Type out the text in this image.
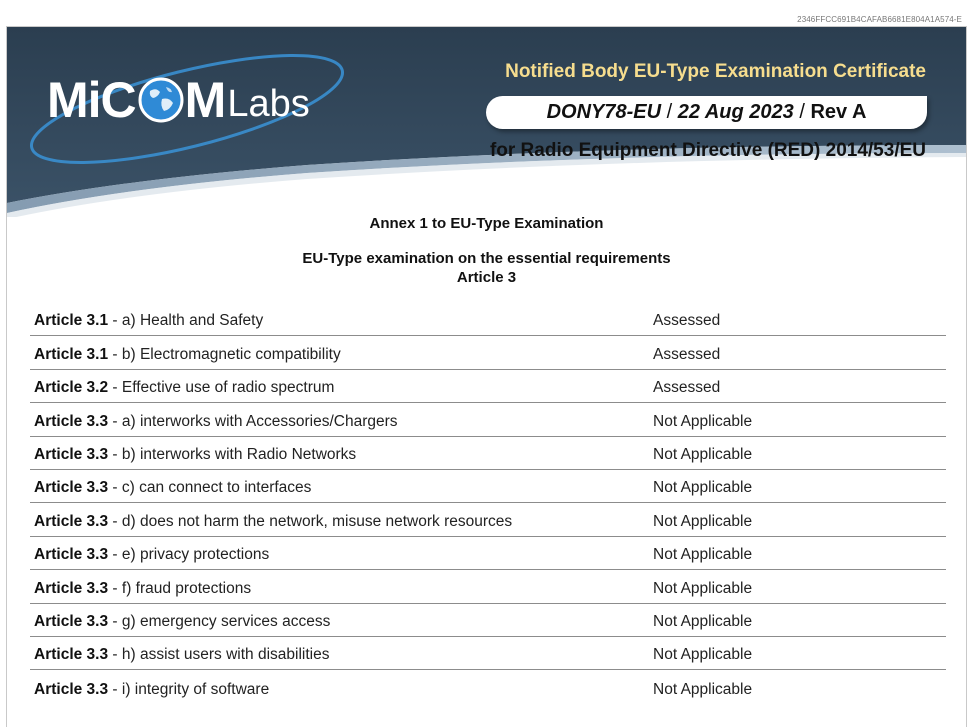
2346FFCC691B4CAFAB6681E804A1A574-E
Mi C M Labs
Notified Body EU-Type Examination Certificate
DONY78-EU
/
22 Aug 2023
/
Rev A
for Radio Equipment Directive (RED) 2014/53/EU
Annex 1 to EU-Type Examination
EU-Type examination on the essential requirements
Article 3
Article 3.1 - a) Health and Safety	Assessed
Article 3.1 - b) Electromagnetic compatibility	Assessed
Article 3.2 - Effective use of radio spectrum	Assessed
Article 3.3 - a) interworks with Accessories/Chargers	Not Applicable
Article 3.3 - b) interworks with Radio Networks	Not Applicable
Article 3.3 - c) can connect to interfaces	Not Applicable
Article 3.3 - d) does not harm the network, misuse network resources	Not Applicable
Article 3.3 - e) privacy protections	Not Applicable
Article 3.3 - f) fraud protections	Not Applicable
Article 3.3 - g) emergency services access	Not Applicable
Article 3.3 - h) assist users with disabilities	Not Applicable
Article 3.3 - i) integrity of software	Not Applicable
